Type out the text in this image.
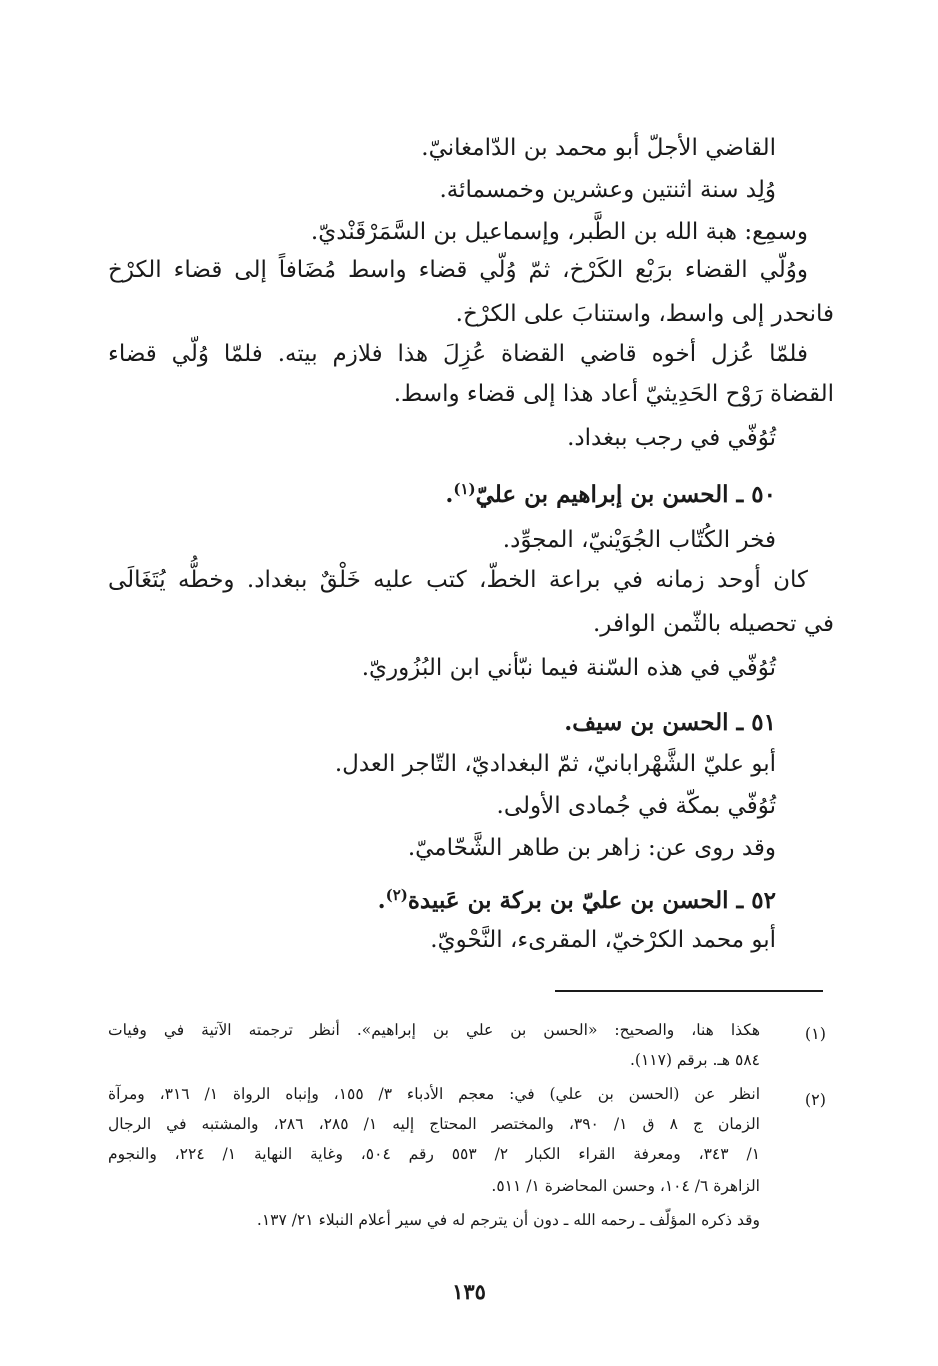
القاضي الأجلّ أبو محمد بن الدّامغانيّ.
وُلِد سنة اثنتين وعشرين وخمسمائة.
وسمِع: هبة الله بن الطَّبر، وإسماعيل بن السَّمَرْقَنْديّ.
ووُلّي القضاء برَبْع الكَرْخ، ثمّ وُلّي قضاء واسط مُضَافاً إلى قضاء الكرْخ
فانحدر إلى واسط، واستنابَ على الكرْخ.
فلمّا عُزل أخوه قاضي القضاة عُزِلَ هذا فلازم بيته. فلمّا وُلّي قضاء
القضاة رَوْح الحَدِيثيّ أعاد هذا إلى قضاء واسط.
تُوُفّي في رجب ببغداد.
٥٠ ـ الحسن بن إبراهيم بن عليّ$^{(١)}$.
فخر الكُتّاب الجُوَيْنيّ، المجوِّد.
كان أوحد زمانه في براعة الخطّ، كتب عليه خَلْقٌ ببغداد. وخطُّه يُتَغَالَى
في تحصيله بالثّمن الوافر.
تُوُفّي في هذه السّنة فيما نبّأني ابن البُزُوريّ.
٥١ ـ الحسن بن سيف.
أبو عليّ الشَّهْرابانيّ، ثمّ البغداديّ، التّاجر العدل.
تُوُفّي بمكّة في جُمادى الأولى.
وقد روى عن: زاهر بن طاهر الشَّحّاميّ.
٥٢ ـ الحسن بن عليّ بن بركة بن عَبيدة$^{(٢)}$.
أبو محمد الكرْخيّ، المقرىء، النَّحْويّ.
(١)
هكذا هنا، والصحيح: «الحسن بن علي بن إبراهيم». أنظر ترجمته الآتية في وفيات
٥٨٤ هـ. برقم (١١٧).
(٢)
انظر عن (الحسن بن علي) في: معجم الأدباء ٣/ ١٥٥، وإنباه الرواة ١/ ٣١٦، ومرآة
الزمان ج ٨ ق ١/ ٣٩٠، والمختصر المحتاج إليه ١/ ٢٨٥، ٢٨٦، والمشتبه في الرجال
١/ ٣٤٣، ومعرفة القراء الكبار ٢/ ٥٥٣ رقم ٥٠٤، وغاية النهاية ١/ ٢٢٤، والنجوم
الزاهرة ٦/ ١٠٤، وحسن المحاضرة ١/ ٥١١.
وقد ذكره المؤلّف ـ رحمه الله ـ دون أن يترجم له في سير أعلام النبلاء ٢١/ ١٣٧.
١٣٥
